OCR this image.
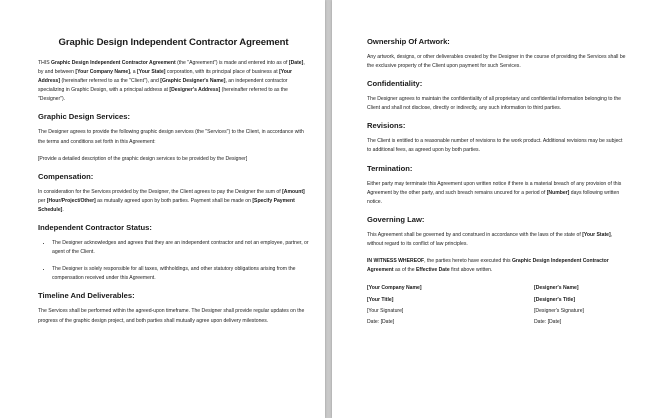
Graphic Design Independent Contractor Agreement

THIS Graphic Design Independent Contractor Agreement (the "Agreement") is made and entered into as of [Date], by and between [Your Company Name], a [Your State] corporation, with its principal place of business at [Your Address] (hereinafter referred to as the "Client"), and [Graphic Designer's Name], an independent contractor specializing in Graphic Design, with a principal address at [Designer's Address] (hereinafter referred to as the "Designer").

Graphic Design Services:

The Designer agrees to provide the following graphic design services (the "Services") to the Client, in accordance with the terms and conditions set forth in this Agreement:

[Provide a detailed description of the graphic design services to be provided by the Designer]

Compensation:

In consideration for the Services provided by the Designer, the Client agrees to pay the Designer the sum of [Amount] per [Hour/Project/Other] as mutually agreed upon by both parties. Payment shall be made on [Specify Payment Schedule].

Independent Contractor Status:
• The Designer acknowledges and agrees that they are an independent contractor and not an employee, partner, or agent of the Client.
• The Designer is solely responsible for all taxes, withholdings, and other statutory obligations arising from the compensation received under this Agreement.
Timeline And Deliverables:

The Services shall be performed within the agreed-upon timeframe. The Designer shall provide regular updates on the progress of the graphic design project, and both parties shall mutually agree upon delivery milestones.

Ownership Of Artwork:

Any artwork, designs, or other deliverables created by the Designer in the course of providing the Services shall be the exclusive property of the Client upon payment for such Services.

Confidentiality:

The Designer agrees to maintain the confidentiality of all proprietary and confidential information belonging to the Client and shall not disclose, directly or indirectly, any such information to third parties.

Revisions:

The Client is entitled to a reasonable number of revisions to the work product. Additional revisions may be subject to additional fees, as agreed upon by both parties.

Termination:

Either party may terminate this Agreement upon written notice if there is a material breach of any provision of this Agreement by the other party, and such breach remains uncured for a period of [Number] days following written notice.

Governing Law:

This Agreement shall be governed by and construed in accordance with the laws of the state of [Your State], without regard to its conflict of law principles.

IN WITNESS WHEREOF, the parties hereto have executed this Graphic Design Independent Contractor Agreement as of the Effective Date first above written.

[Your Company Name]	[Designer's Name]
[Your Title]	[Designer's Title]
[Your Signature]	[Designer's Signature]
Date: [Date]	Date: [Date]
